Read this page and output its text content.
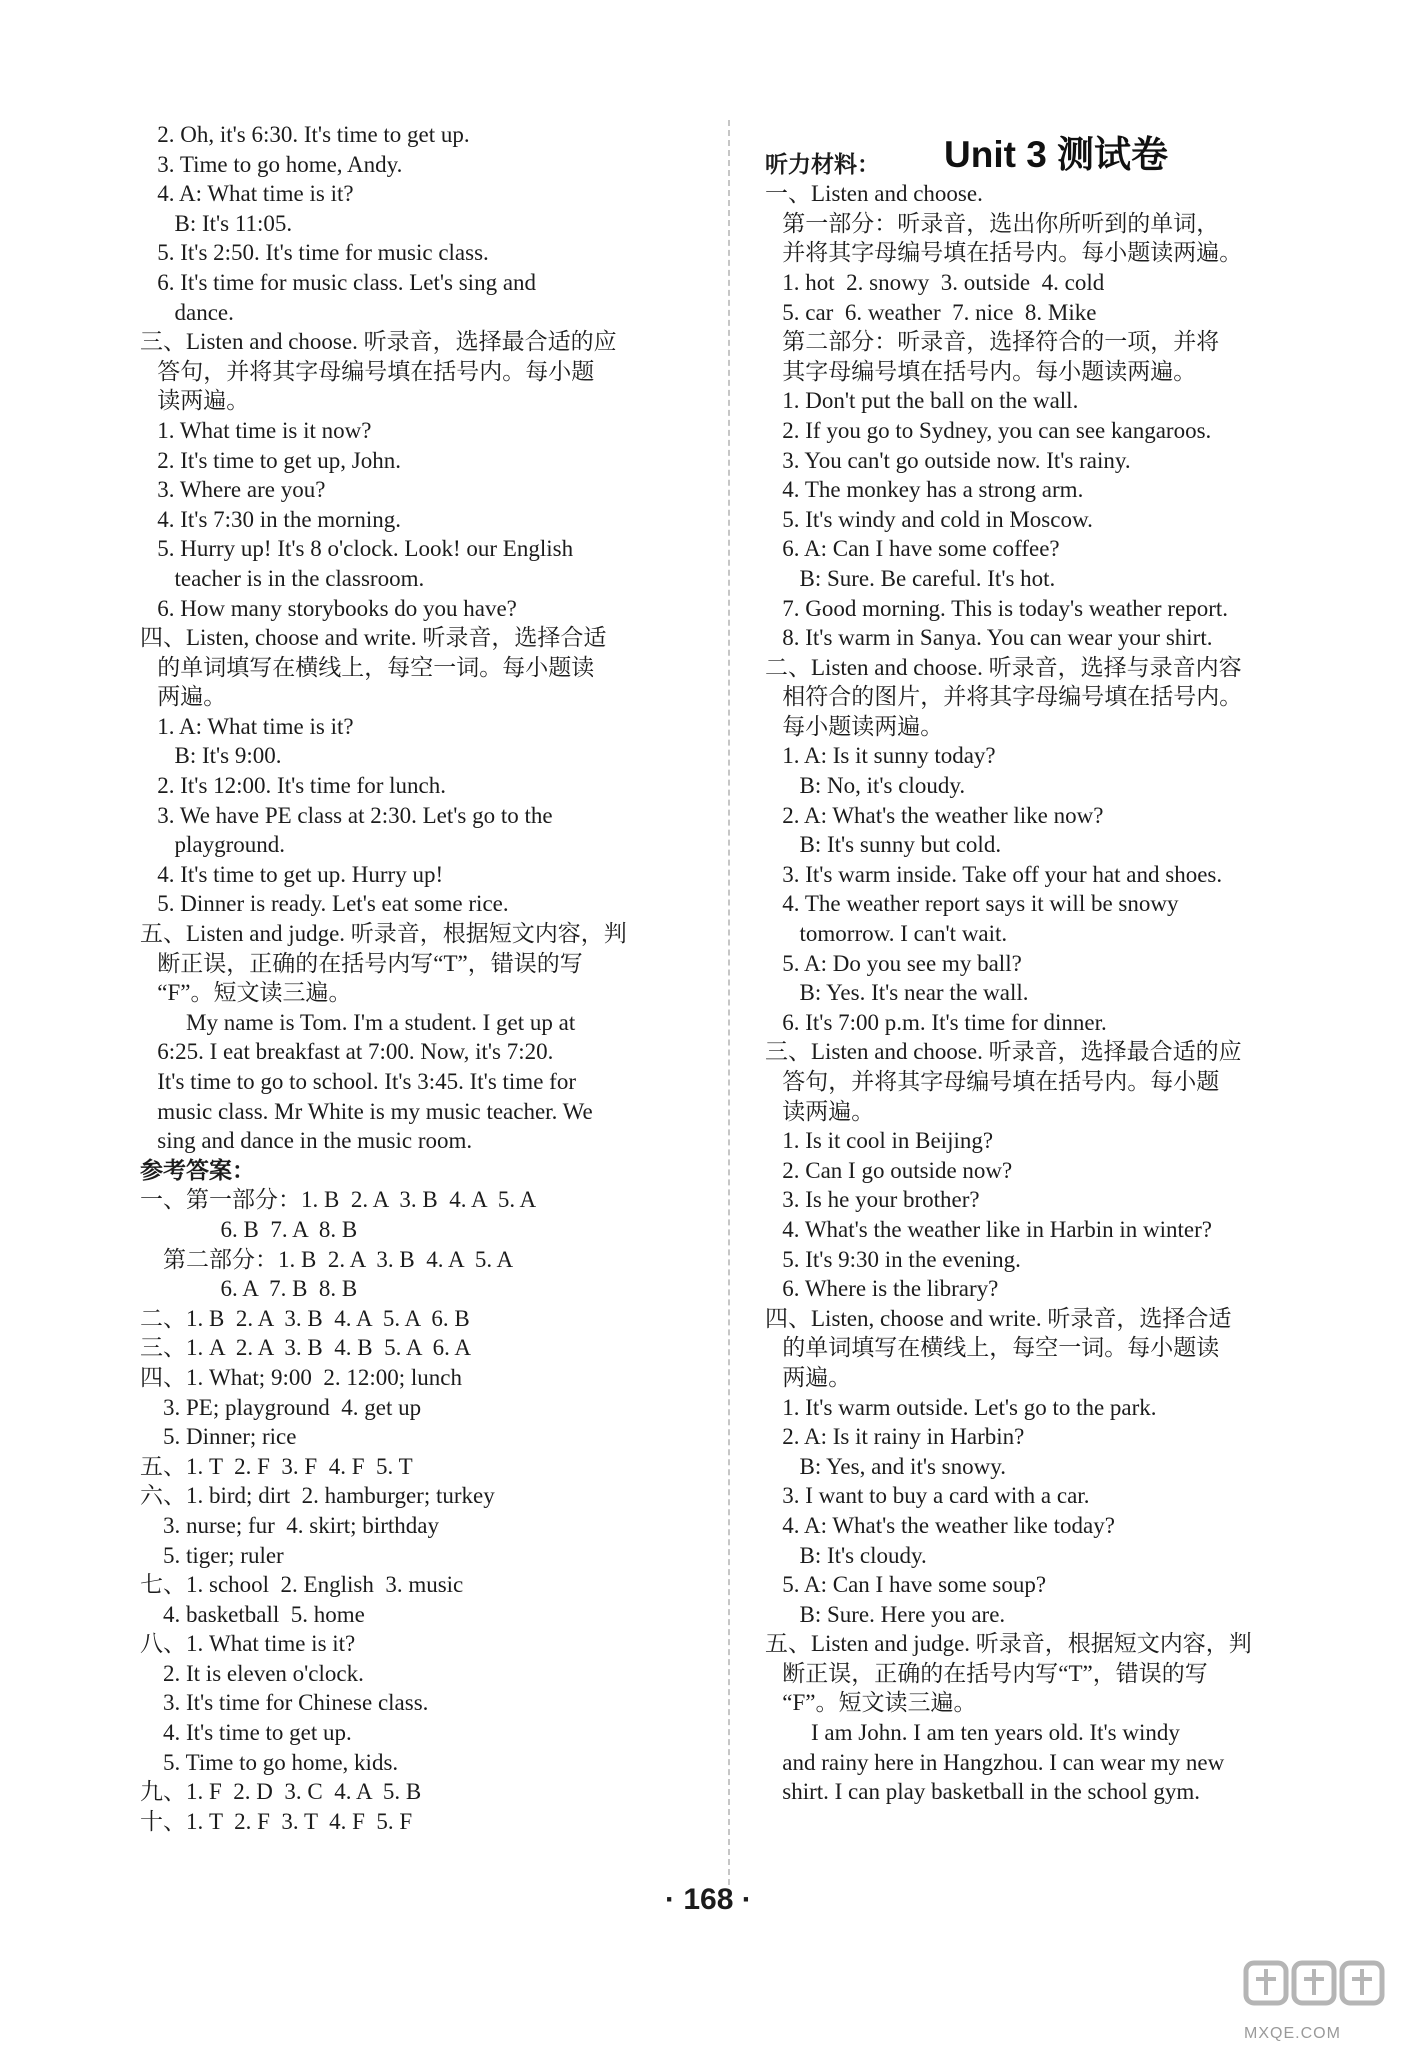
2. Oh, it's 6:30. It's time to get up.
3. Time to go home, Andy.
4. A: What time is it?
B: It's 11:05.
5. It's 2:50. It's time for music class.
6. It's time for music class. Let's sing and
dance.
三、Listen and choose. 听录音，选择最合适的应
答句，并将其字母编号填在括号内。每小题
读两遍。
1. What time is it now?
2. It's time to get up, John.
3. Where are you?
4. It's 7:30 in the morning.
5. Hurry up! It's 8 o'clock. Look! our English
teacher is in the classroom.
6. How many storybooks do you have?
四、Listen, choose and write. 听录音，选择合适
的单词填写在横线上，每空一词。每小题读
两遍。
1. A: What time is it?
B: It's 9:00.
2. It's 12:00. It's time for lunch.
3. We have PE class at 2:30. Let's go to the
playground.
4. It's time to get up. Hurry up!
5. Dinner is ready. Let's eat some rice.
五、Listen and judge. 听录音，根据短文内容，判
断正误，正确的在括号内写“T”，错误的写
“F”。短文读三遍。
My name is Tom. I'm a student. I get up at
6:25. I eat breakfast at 7:00. Now, it's 7:20.
It's time to go to school. It's 3:45. It's time for
music class. Mr White is my music teacher. We
sing and dance in the music room.
参考答案：
一、第一部分：1. B  2. A  3. B  4. A  5. A
6. B  7. A  8. B
第二部分：1. B  2. A  3. B  4. A  5. A
6. A  7. B  8. B
二、1. B  2. A  3. B  4. A  5. A  6. B
三、1. A  2. A  3. B  4. B  5. A  6. A
四、1. What; 9:00  2. 12:00; lunch
3. PE; playground  4. get up
5. Dinner; rice
五、1. T  2. F  3. F  4. F  5. T
六、1. bird; dirt  2. hamburger; turkey
3. nurse; fur  4. skirt; birthday
5. tiger; ruler
七、1. school  2. English  3. music
4. basketball  5. home
八、1. What time is it?
2. It is eleven o'clock.
3. It's time for Chinese class.
4. It's time to get up.
5. Time to go home, kids.
九、1. F  2. D  3. C  4. A  5. B
十、1. T  2. F  3. T  4. F  5. F
Unit 3 测试卷
听力材料：
一、Listen and choose.
第一部分：听录音，选出你所听到的单词，
并将其字母编号填在括号内。每小题读两遍。
1. hot  2. snowy  3. outside  4. cold
5. car  6. weather  7. nice  8. Mike
第二部分：听录音，选择符合的一项，并将
其字母编号填在括号内。每小题读两遍。
1. Don't put the ball on the wall.
2. If you go to Sydney, you can see kangaroos.
3. You can't go outside now. It's rainy.
4. The monkey has a strong arm.
5. It's windy and cold in Moscow.
6. A: Can I have some coffee?
B: Sure. Be careful. It's hot.
7. Good morning. This is today's weather report.
8. It's warm in Sanya. You can wear your shirt.
二、Listen and choose. 听录音，选择与录音内容
相符合的图片，并将其字母编号填在括号内。
每小题读两遍。
1. A: Is it sunny today?
B: No, it's cloudy.
2. A: What's the weather like now?
B: It's sunny but cold.
3. It's warm inside. Take off your hat and shoes.
4. The weather report says it will be snowy
tomorrow. I can't wait.
5. A: Do you see my ball?
B: Yes. It's near the wall.
6. It's 7:00 p.m. It's time for dinner.
三、Listen and choose. 听录音，选择最合适的应
答句，并将其字母编号填在括号内。每小题
读两遍。
1. Is it cool in Beijing?
2. Can I go outside now?
3. Is he your brother?
4. What's the weather like in Harbin in winter?
5. It's 9:30 in the evening.
6. Where is the library?
四、Listen, choose and write. 听录音，选择合适
的单词填写在横线上，每空一词。每小题读
两遍。
1. It's warm outside. Let's go to the park.
2. A: Is it rainy in Harbin?
B: Yes, and it's snowy.
3. I want to buy a card with a car.
4. A: What's the weather like today?
B: It's cloudy.
5. A: Can I have some soup?
B: Sure. Here you are.
五、Listen and judge. 听录音，根据短文内容，判
断正误，正确的在括号内写“T”，错误的写
“F”。短文读三遍。
I am John. I am ten years old. It's windy
and rainy here in Hangzhou. I can wear my new
shirt. I can play basketball in the school gym.
· 168 ·
MXQE.COM
